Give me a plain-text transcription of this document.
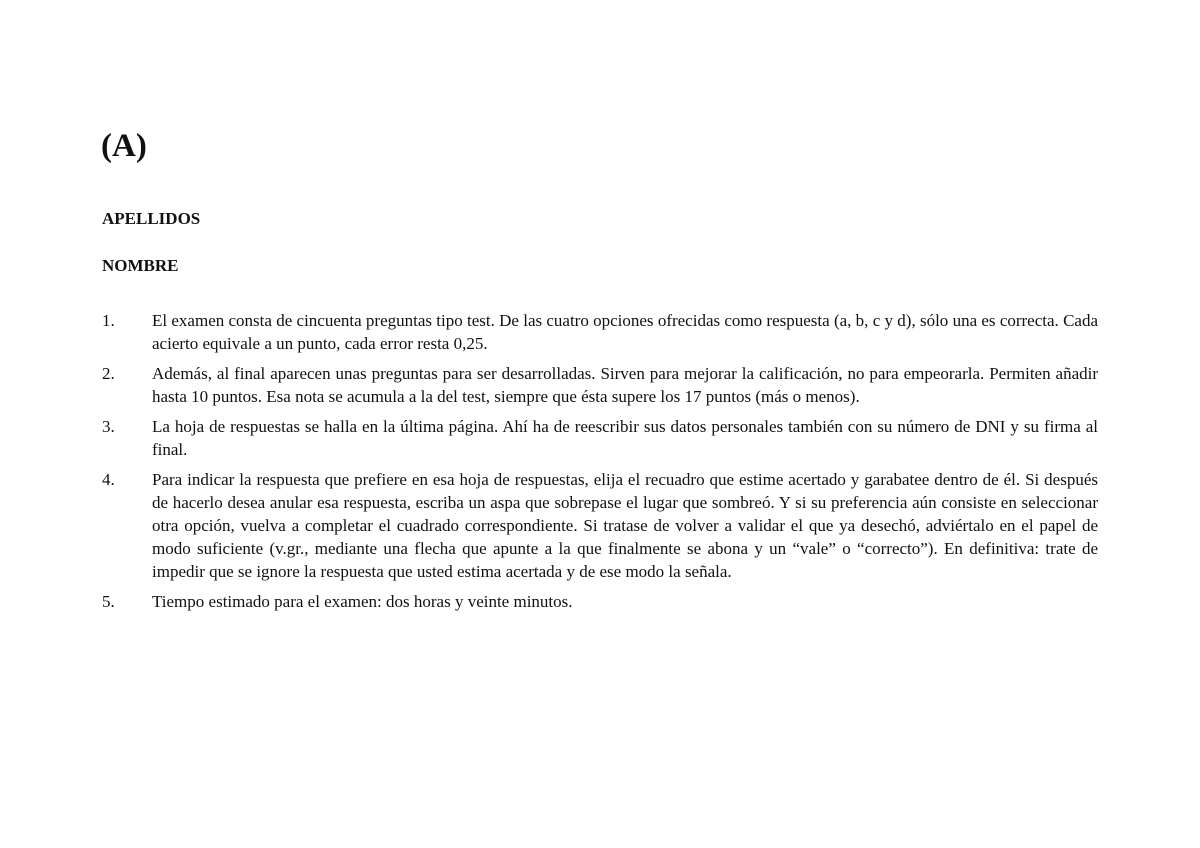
(A)
APELLIDOS
NOMBRE
1.	El examen consta de cincuenta preguntas tipo test. De las cuatro opciones ofrecidas como respuesta (a, b, c y d), sólo una es correcta. Cada acierto equivale a un punto, cada error resta 0,25.
2.	Además, al final aparecen unas preguntas para ser desarrolladas. Sirven para mejorar la calificación, no para empeorarla. Permiten añadir hasta 10 puntos. Esa nota se acumula a la del test, siempre que ésta supere los 17 puntos (más o menos).
3.	La hoja de respuestas se halla en la última página. Ahí ha de reescribir sus datos personales también con su número de DNI y su firma al final.
4.	Para indicar la respuesta que prefiere en esa hoja de respuestas, elija el recuadro que estime acertado y garabatee dentro de él. Si después de hacerlo desea anular esa respuesta, escriba un aspa que sobrepase el lugar que sombreó. Y si su preferencia aún consiste en seleccionar otra opción, vuelva a completar el cuadrado correspondiente. Si tratase de volver a validar el que ya desechó, adviértalo en el papel de modo suficiente (v.gr., mediante una flecha que apunte a la que finalmente se abona y un “vale” o “correcto”). En definitiva: trate de impedir que se ignore la respuesta que usted estima acertada y de ese modo la señala.
5.	Tiempo estimado para el examen: dos horas y veinte minutos.
